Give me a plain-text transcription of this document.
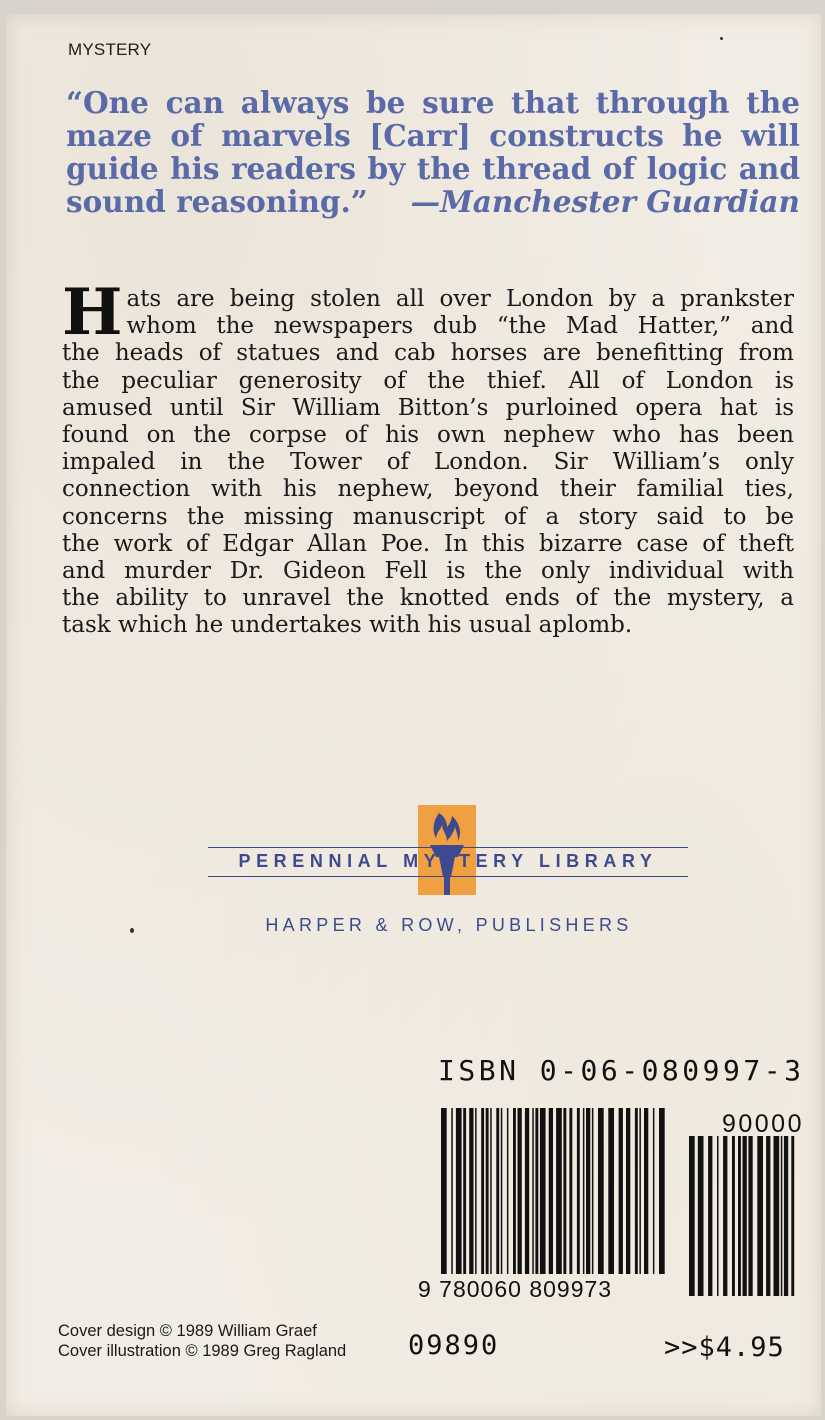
MYSTERY
“One can always be sure that through the
maze of marvels [Carr] constructs he will
guide his readers by the thread of logic and
sound reasoning.” —Manchester Guardian
H ats are being stolen all over London by a prankster
whom the newspapers dub “the Mad Hatter,” and
the heads of statues and cab horses are benefitting from
the peculiar generosity of the thief. All of London is
amused until Sir William Bitton’s purloined opera hat is
found on the corpse of his own nephew who has been
impaled in the Tower of London. Sir William’s only
connection with his nephew, beyond their familial ties,
concerns the missing manuscript of a story said to be
the work of Edgar Allan Poe. In this bizarre case of theft
and murder Dr. Gideon Fell is the only individual with
the ability to unravel the knotted ends of the mystery, a
task which he undertakes with his usual aplomb.
PERENNIAL MYSTERY LIBRARY
HARPER & ROW, PUBLISHERS
ISBN 0-06-080997-3
9 780060 809973
90000
Cover design © 1989 William Graef
Cover illustration © 1989 Greg Ragland 09890	>>$4.95
